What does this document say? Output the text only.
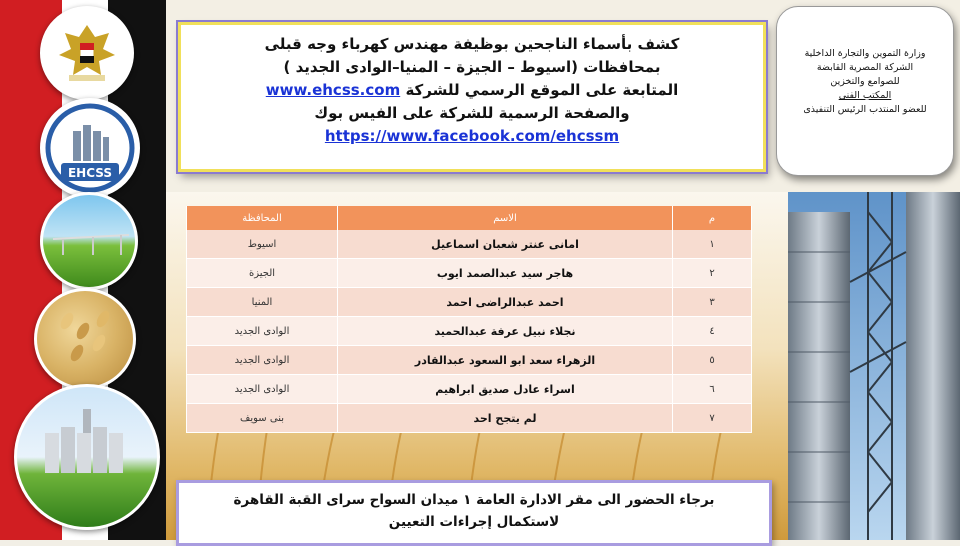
EHCSS
كشف بأسماء الناجحين بوظيفة مهندس كهرباء وجه قبلى
بمحافظات (اسيوط – الجيزة – المنيا–الوادى الجديد )
المتابعة على الموقع الرسمي للشركة www.ehcss.com
والصفحة الرسمية للشركة على الفيس بوك
https://www.facebook.com/ehcssm
وزارة التموين والتجارة الداخلية
الشركة المصرية القابضة
للصوامع والتخزين
المكتب الفنى
للعضو المنتدب الرئيس التنفيذى
م	الاسم	المحافظة
١	امانى عنتر شعبان اسماعيل	اسيوط
٢	هاجر سيد عبدالصمد ايوب	الجيزة
٣	احمد عبدالراضى احمد	المنيا
٤	نجلاء نبيل عرفة عبدالحميد	الوادى الجديد
٥	الزهراء سعد ابو السعود عبدالقادر	الوادى الجديد
٦	اسراء عادل صديق ابراهيم	الوادى الجديد
٧	لم يتجح احد	بنى سويف
برجاء الحضور الى مقر الادارة العامة ١ ميدان السواح سراى القبة القاهرة
لاستكمال إجراءات التعيين
